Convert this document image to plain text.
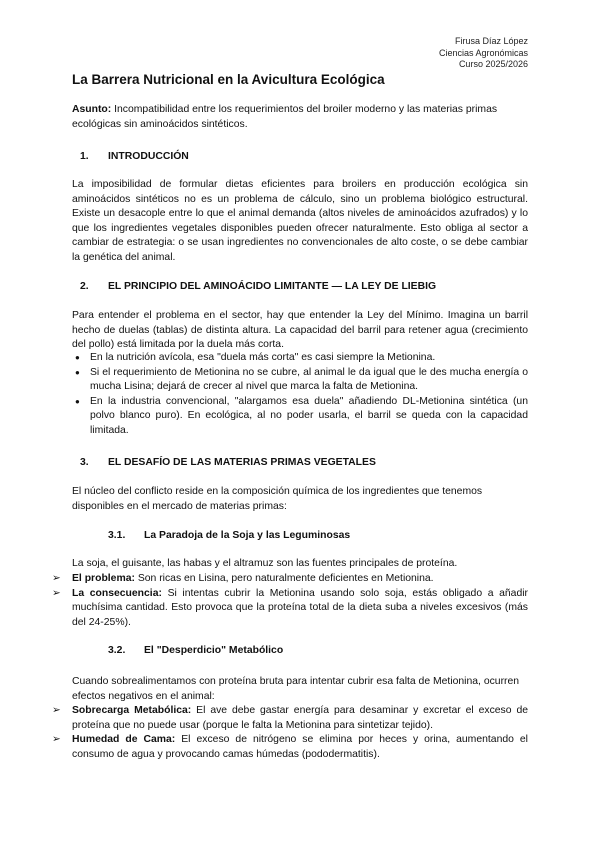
Firusa Díaz López
Ciencias Agronómicas
Curso 2025/2026
La Barrera Nutricional en la Avicultura Ecológica
Asunto: Incompatibilidad entre los requerimientos del broiler moderno y las materias primas ecológicas sin aminoácidos sintéticos.
1. INTRODUCCIÓN
La imposibilidad de formular dietas eficientes para broilers en producción ecológica sin aminoácidos sintéticos no es un problema de cálculo, sino un problema biológico estructural. Existe un desacople entre lo que el animal demanda (altos niveles de aminoácidos azufrados) y lo que los ingredientes vegetales disponibles pueden ofrecer naturalmente. Esto obliga al sector a cambiar de estrategia: o se usan ingredientes no convencionales de alto coste, o se debe cambiar la genética del animal.
2. EL PRINCIPIO DEL AMINOÁCIDO LIMITANTE — LA LEY DE LIEBIG
Para entender el problema en el sector, hay que entender la Ley del Mínimo. Imagina un barril hecho de duelas (tablas) de distinta altura. La capacidad del barril para retener agua (crecimiento del pollo) está limitada por la duela más corta.
● En la nutrición avícola, esa "duela más corta" es casi siempre la Metionina.
● Si el requerimiento de Metionina no se cubre, al animal le da igual que le des mucha energía o mucha Lisina; dejará de crecer al nivel que marca la falta de Metionina.
● En la industria convencional, "alargamos esa duela" añadiendo DL-Metionina sintética (un polvo blanco puro). En ecológica, al no poder usarla, el barril se queda con la capacidad limitada.
3. EL DESAFÍO DE LAS MATERIAS PRIMAS VEGETALES
El núcleo del conflicto reside en la composición química de los ingredientes que tenemos disponibles en el mercado de materias primas:
3.1. La Paradoja de la Soja y las Leguminosas
La soja, el guisante, las habas y el altramuz son las fuentes principales de proteína.
➢ El problema: Son ricas en Lisina, pero naturalmente deficientes en Metionina.
➢ La consecuencia: Si intentas cubrir la Metionina usando solo soja, estás obligado a añadir muchísima cantidad. Esto provoca que la proteína total de la dieta suba a niveles excesivos (más del 24-25%).
3.2. El "Desperdicio" Metabólico
Cuando sobrealimentamos con proteína bruta para intentar cubrir esa falta de Metionina, ocurren efectos negativos en el animal:
➢ Sobrecarga Metabólica: El ave debe gastar energía para desaminar y excretar el exceso de proteína que no puede usar (porque le falta la Metionina para sintetizar tejido).
➢ Humedad de Cama: El exceso de nitrógeno se elimina por heces y orina, aumentando el consumo de agua y provocando camas húmedas (pododermatitis).
